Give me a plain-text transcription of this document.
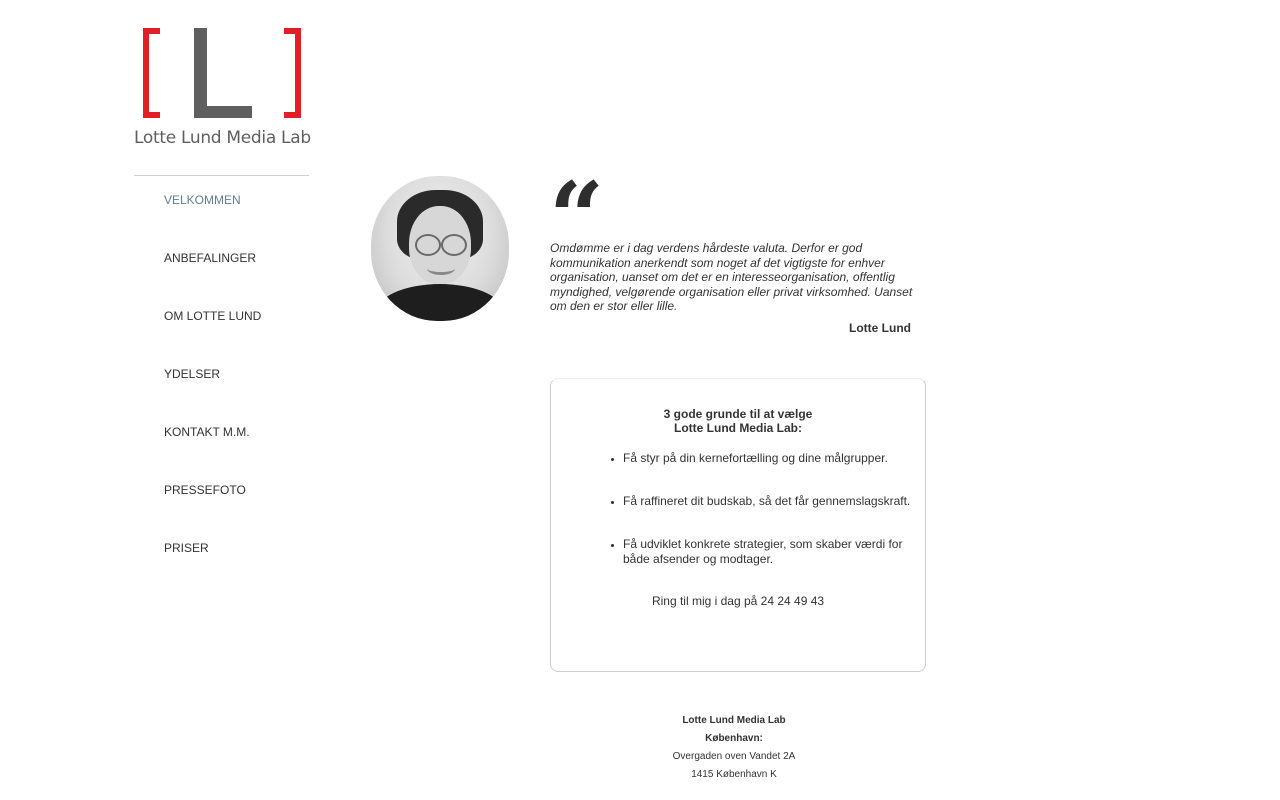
Lotte Lund Media Lab
VELKOMMEN
ANBEFALINGER
OM LOTTE LUND
YDELSER
KONTAKT M.M.
PRESSEFOTO
PRISER
“

Omdømme er i dag verdens hårdeste valuta. Derfor er god kommunikation anerkendt som noget af det vigtigste for enhver organisation, uanset om det er en interesseorganisation, offentlig myndighed, velgørende organisation eller privat virksomhed. Uanset om den er stor eller lille.

Lotte Lund
3 gode grunde til at vælge
Lotte Lund Media Lab:
• Få styr på din kernefortælling og dine målgrupper.
• Få raffineret dit budskab, så det får gennemslagskraft.
• Få udviklet konkrete strategier, som skaber værdi for både afsender og modtager.
Ring til mig i dag på 24 24 49 43
Lotte Lund Media Lab
København:
Overgaden oven Vandet 2A
1415 København K
